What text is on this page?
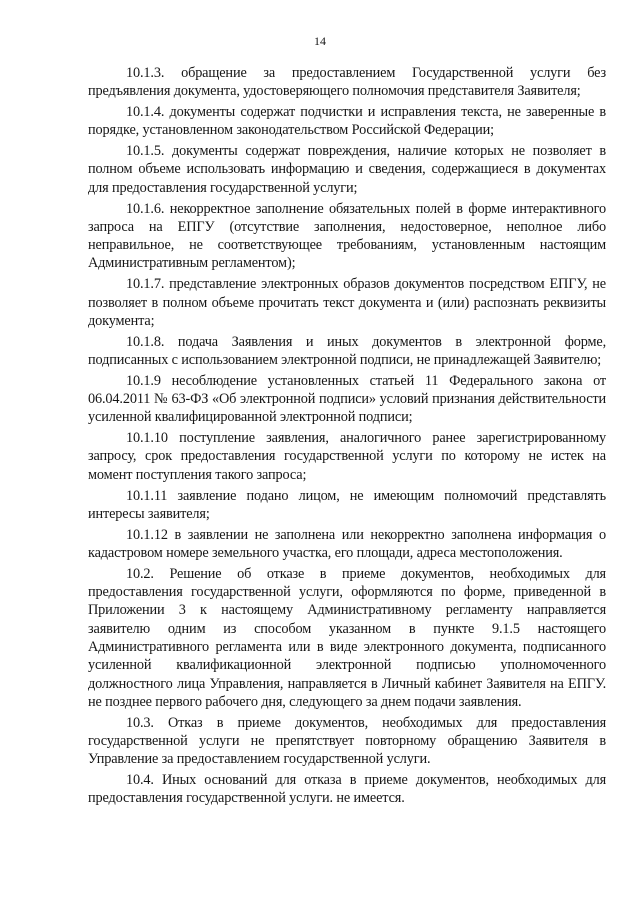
14

10.1.3. обращение за предоставлением Государственной услуги без предъявления документа, удостоверяющего полномочия представителя Заявителя;

10.1.4. документы содержат подчистки и исправления текста, не заверенные в порядке, установленном законодательством Российской Федерации;

10.1.5. документы содержат повреждения, наличие которых не позволяет в полном объеме использовать информацию и сведения, содержащиеся в документах для предоставления государственной услуги;

10.1.6. некорректное заполнение обязательных полей в форме интерактивного запроса на ЕПГУ (отсутствие заполнения, недостоверное, неполное либо неправильное, не соответствующее требованиям, установленным настоящим Административным регламентом);

10.1.7. представление электронных образов документов посредством ЕПГУ, не позволяет в полном объеме прочитать текст документа и (или) распознать реквизиты документа;

10.1.8. подача Заявления и иных документов в электронной форме, подписанных с использованием электронной подписи, не принадлежащей Заявителю;

10.1.9 несоблюдение установленных статьей 11 Федерального закона от 06.04.2011 № 63-ФЗ «Об электронной подписи» условий признания действительности усиленной квалифицированной электронной подписи;

10.1.10 поступление заявления, аналогичного ранее зарегистрированному запросу, срок предоставления государственной услуги по которому не истек на момент поступления такого запроса;

10.1.11 заявление подано лицом, не имеющим полномочий представлять интересы заявителя;

10.1.12 в заявлении не заполнена или некорректно заполнена информация о кадастровом номере земельного участка, его площади, адреса местоположения.

10.2. Решение об отказе в приеме документов, необходимых для предоставления государственной услуги, оформляются по форме, приведенной в Приложении 3 к настоящему Административному регламенту направляется заявителю одним из способом указанном в пункте 9.1.5 настоящего Административного регламента или в виде электронного документа, подписанного усиленной квалификационной электронной подписью уполномоченного должностного лица Управления, направляется в Личный кабинет Заявителя на ЕПГУ. не позднее первого рабочего дня, следующего за днем подачи заявления.

10.3. Отказ в приеме документов, необходимых для предоставления государственной услуги не препятствует повторному обращению Заявителя в Управление за предоставлением государственной услуги.

10.4. Иных оснований для отказа в приеме документов, необходимых для предоставления государственной услуги. не имеется.
